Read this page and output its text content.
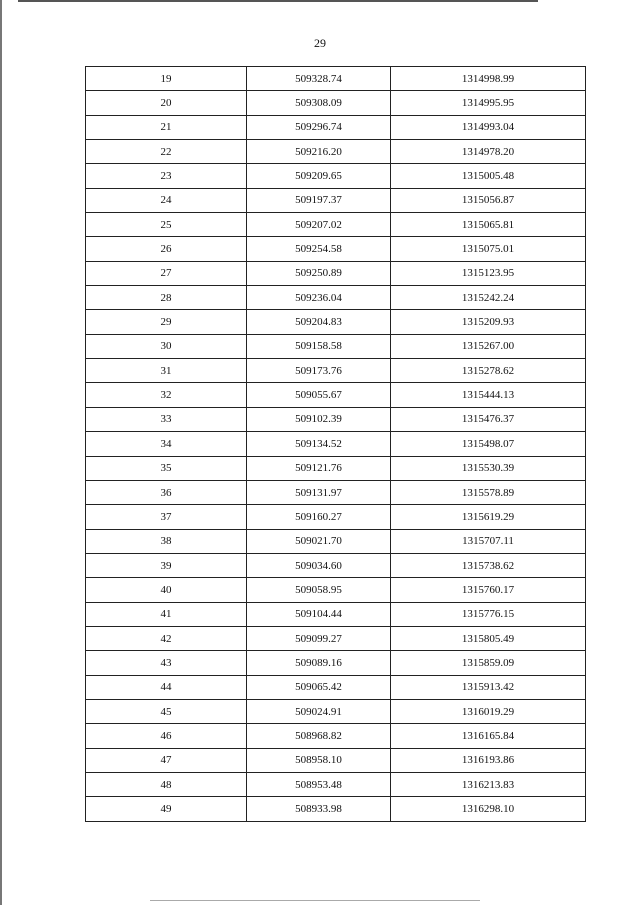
29
19	509328.74	1314998.99
20	509308.09	1314995.95
21	509296.74	1314993.04
22	509216.20	1314978.20
23	509209.65	1315005.48
24	509197.37	1315056.87
25	509207.02	1315065.81
26	509254.58	1315075.01
27	509250.89	1315123.95
28	509236.04	1315242.24
29	509204.83	1315209.93
30	509158.58	1315267.00
31	509173.76	1315278.62
32	509055.67	1315444.13
33	509102.39	1315476.37
34	509134.52	1315498.07
35	509121.76	1315530.39
36	509131.97	1315578.89
37	509160.27	1315619.29
38	509021.70	1315707.11
39	509034.60	1315738.62
40	509058.95	1315760.17
41	509104.44	1315776.15
42	509099.27	1315805.49
43	509089.16	1315859.09
44	509065.42	1315913.42
45	509024.91	1316019.29
46	508968.82	1316165.84
47	508958.10	1316193.86
48	508953.48	1316213.83
49	508933.98	1316298.10
